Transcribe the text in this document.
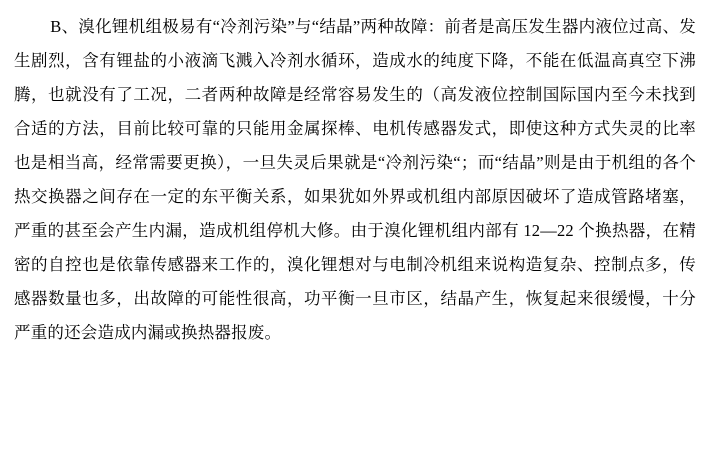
B、溴化锂机组极易有“冷剂污染”与“结晶”两种故障：前者是高压发生器内液位过高、发生剧烈，含有锂盐的小液滴飞溅入冷剂水循环，造成水的纯度下降，不能在低温高真空下沸腾，也就没有了工况，二者两种故障是经常容易发生的（高发液位控制国际国内至今未找到合适的方法，目前比较可靠的只能用金属探棒、电机传感器发式，即使这种方式失灵的比率也是相当高，经常需要更换），一旦失灵后果就是“冷剂污染“；而“结晶”则是由于机组的各个热交换器之间存在一定的东平衡关系，如果犹如外界或机组内部原因破坏了造成管路堵塞，严重的甚至会产生内漏，造成机组停机大修。由于溴化锂机组内部有 12—22 个换热器，在精密的自控也是依靠传感器来工作的，溴化锂想对与电制冷机组来说构造复杂、控制点多，传感器数量也多，出故障的可能性很高，功平衡一旦市区，结晶产生，恢复起来很缓慢，十分严重的还会造成内漏或换热器报废。
